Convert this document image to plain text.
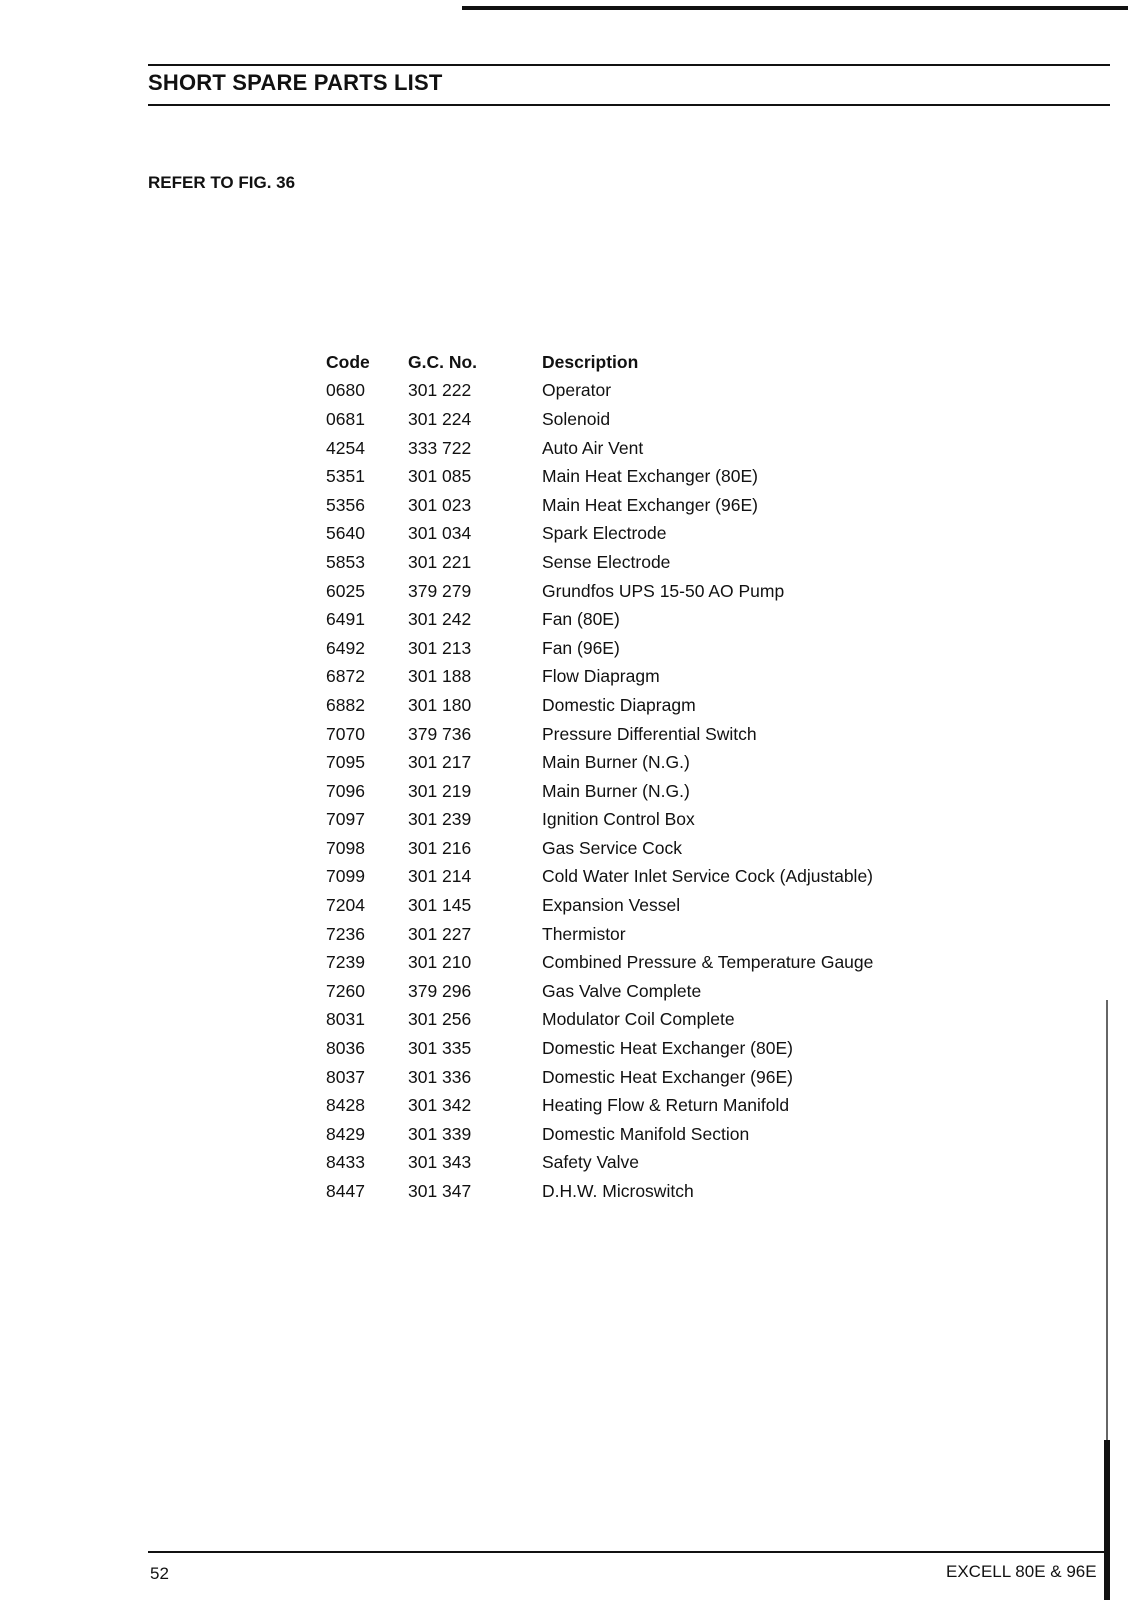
SHORT SPARE PARTS LIST

REFER TO FIG. 36

Code	G.C. No.	Description
0680	301 222	Operator
0681	301 224	Solenoid
4254	333 722	Auto Air Vent
5351	301 085	Main Heat Exchanger (80E)
5356	301 023	Main Heat Exchanger (96E)
5640	301 034	Spark Electrode
5853	301 221	Sense Electrode
6025	379 279	Grundfos UPS 15-50 AO Pump
6491	301 242	Fan (80E)
6492	301 213	Fan (96E)
6872	301 188	Flow Diapragm
6882	301 180	Domestic Diapragm
7070	379 736	Pressure Differential Switch
7095	301 217	Main Burner (N.G.)
7096	301 219	Main Burner (N.G.)
7097	301 239	Ignition Control Box
7098	301 216	Gas Service Cock
7099	301 214	Cold Water Inlet Service Cock (Adjustable)
7204	301 145	Expansion Vessel
7236	301 227	Thermistor
7239	301 210	Combined Pressure & Temperature Gauge
7260	379 296	Gas Valve Complete
8031	301 256	Modulator Coil Complete
8036	301 335	Domestic Heat Exchanger (80E)
8037	301 336	Domestic Heat Exchanger (96E)
8428	301 342	Heating Flow & Return Manifold
8429	301 339	Domestic Manifold Section
8433	301 343	Safety Valve
8447	301 347	D.H.W. Microswitch
52	EXCELL 80E & 96E
